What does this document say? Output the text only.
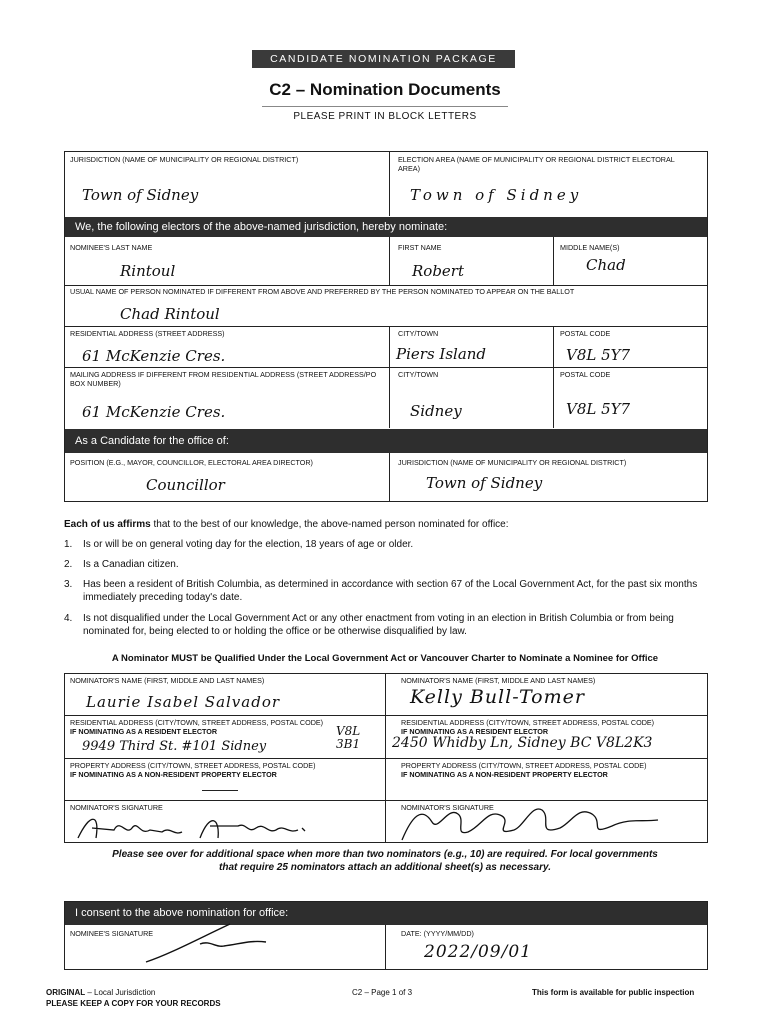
CANDIDATE NOMINATION PACKAGE
C2 – Nomination Documents
PLEASE PRINT IN BLOCK LETTERS
JURISDICTION (NAME OF MUNICIPALITY OR REGIONAL DISTRICT)
Town of Sidney
ELECTION AREA (NAME OF MUNICIPALITY OR REGIONAL DISTRICT ELECTORAL AREA)
Town of Sidney
We, the following electors of the above-named jurisdiction, hereby nominate:
NOMINEE'S LAST NAME
Rintoul
FIRST NAME
Robert
MIDDLE NAME(S)
Chad
USUAL NAME OF PERSON NOMINATED IF DIFFERENT FROM ABOVE AND PREFERRED BY THE PERSON NOMINATED TO APPEAR ON THE BALLOT
Chad Rintoul
RESIDENTIAL ADDRESS (STREET ADDRESS)
61 McKenzie Cres.
CITY/TOWN
Piers Island
POSTAL CODE
V8L 5Y7
MAILING ADDRESS IF DIFFERENT FROM RESIDENTIAL ADDRESS (STREET ADDRESS/PO BOX NUMBER)
61 McKenzie Cres.
CITY/TOWN
Sidney
POSTAL CODE
V8L 5Y7
As a Candidate for the office of:
POSITION (E.G., MAYOR, COUNCILLOR, ELECTORAL AREA DIRECTOR)
Councillor
JURISDICTION (NAME OF MUNICIPALITY OR REGIONAL DISTRICT)
Town of Sidney
Each of us affirms that to the best of our knowledge, the above-named person nominated for office:
1. Is or will be on general voting day for the election, 18 years of age or older.
2. Is a Canadian citizen.
3. Has been a resident of British Columbia, as determined in accordance with section 67 of the Local Government Act, for the past six months immediately preceding today's date.
4. Is not disqualified under the Local Government Act or any other enactment from voting in an election in British Columbia or from being nominated for, being elected to or holding the office or be otherwise disqualified by law.
A Nominator MUST be Qualified Under the Local Government Act or Vancouver Charter to Nominate a Nominee for Office
NOMINATOR'S NAME (FIRST, MIDDLE AND LAST NAMES)
Laurie Isabel Salvador
RESIDENTIAL ADDRESS (CITY/TOWN, STREET ADDRESS, POSTAL CODE)
IF NOMINATING AS A RESIDENT ELECTOR
9949 Third St. #101 Sidney
V8L 3B1
PROPERTY ADDRESS (CITY/TOWN, STREET ADDRESS, POSTAL CODE)
IF NOMINATING AS A NON-RESIDENT PROPERTY ELECTOR
NOMINATOR'S SIGNATURE
NOMINATOR'S NAME (FIRST, MIDDLE AND LAST NAMES)
Kelly Bull-Tomer
RESIDENTIAL ADDRESS (CITY/TOWN, STREET ADDRESS, POSTAL CODE)
IF NOMINATING AS A RESIDENT ELECTOR
2450 Whidby Ln, Sidney BC V8L2K3
PROPERTY ADDRESS (CITY/TOWN, STREET ADDRESS, POSTAL CODE)
IF NOMINATING AS A NON-RESIDENT PROPERTY ELECTOR
NOMINATOR'S SIGNATURE
Please see over for additional space when more than two nominators (e.g., 10) are required. For local governments that require 25 nominators attach an additional sheet(s) as necessary.
I consent to the above nomination for office:
NOMINEE'S SIGNATURE	DATE: (YYYY/MM/DD)
2022/09/01
ORIGINAL – Local Jurisdiction
PLEASE KEEP A COPY FOR YOUR RECORDS
C2 – Page 1 of 3	This form is available for public inspection
